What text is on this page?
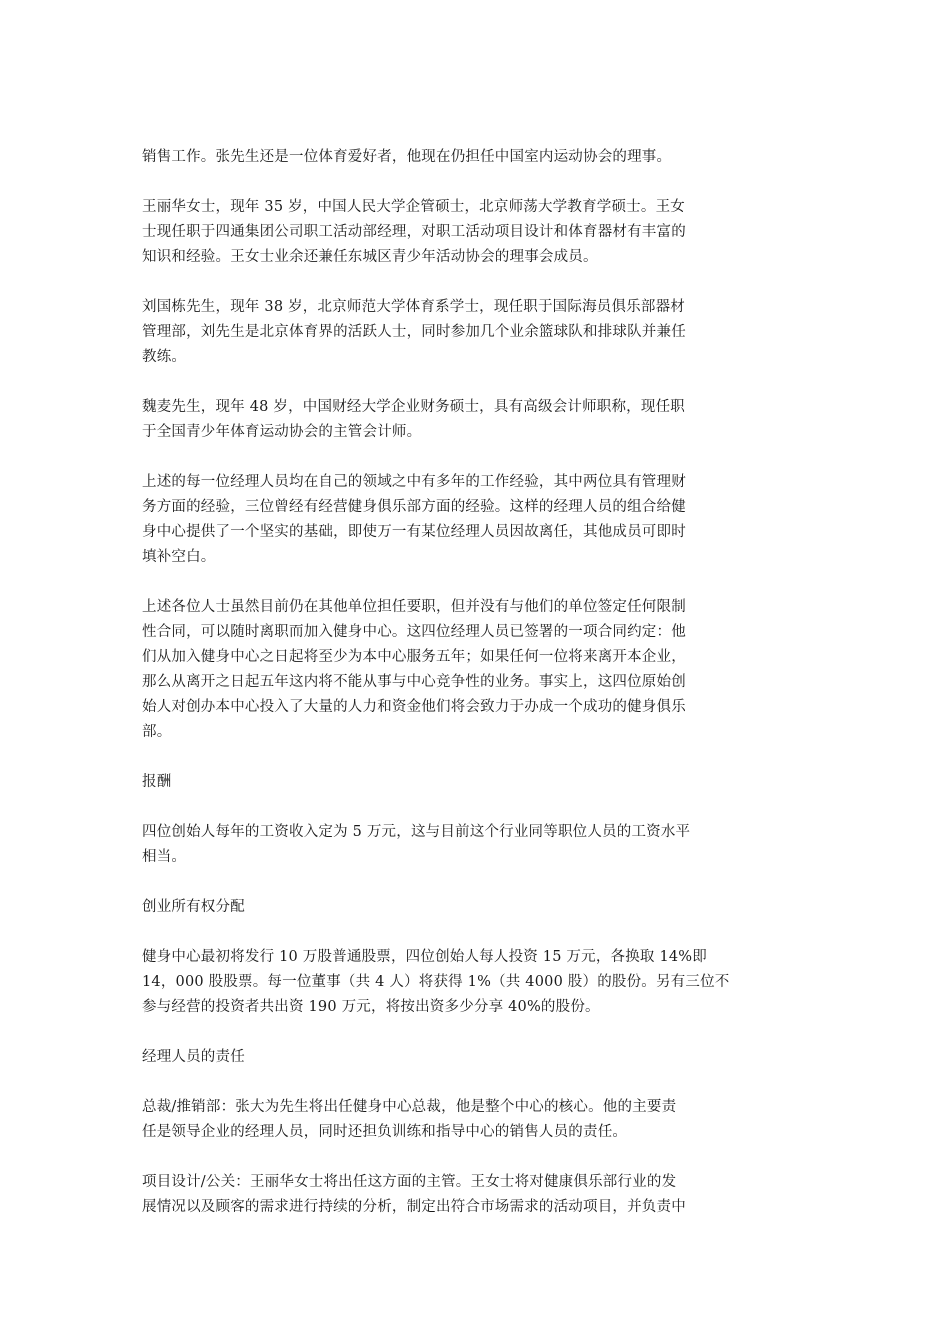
销售工作。张先生还是一位体育爱好者，他现在仍担任中国室内运动协会的理事。
王丽华女士，现年 35 岁，中国人民大学企管硕士，北京师荡大学教育学硕士。王女
士现任职于四通集团公司职工活动部经理，对职工活动项目设计和体育器材有丰富的
知识和经验。王女士业余还兼任东城区青少年活动协会的理事会成员。
刘国栋先生，现年 38 岁，北京师范大学体育系学士，现任职于国际海员俱乐部器材
管理部，刘先生是北京体育界的活跃人士，同时参加几个业余篮球队和排球队并兼任
教练。
魏麦先生，现年 48 岁，中国财经大学企业财务硕士，具有高级会计师职称，现任职
于全国青少年体育运动协会的主管会计师。
上述的每一位经理人员均在自己的领域之中有多年的工作经验，其中两位具有管理财
务方面的经验，三位曾经有经营健身俱乐部方面的经验。这样的经理人员的组合给健
身中心提供了一个坚实的基础，即使万一有某位经理人员因故离任，其他成员可即时
填补空白。
上述各位人士虽然目前仍在其他单位担任要职，但并没有与他们的单位签定任何限制
性合同，可以随时离职而加入健身中心。这四位经理人员已签署的一项合同约定：他
们从加入健身中心之日起将至少为本中心服务五年；如果任何一位将来离开本企业，
那么从离开之日起五年这内将不能从事与中心竞争性的业务。事实上，这四位原始创
始人对创办本中心投入了大量的人力和资金他们将会致力于办成一个成功的健身俱乐
部。
报酬
四位创始人每年的工资收入定为 5 万元，这与目前这个行业同等职位人员的工资水平
相当。
创业所有权分配
健身中心最初将发行 10 万股普通股票，四位创始人每人投资 15 万元，各换取 14%即
14，000 股股票。每一位董事（共 4 人）将获得 1%（共 4000 股）的股份。另有三位不
参与经营的投资者共出资 190 万元，将按出资多少分享 40%的股份。
经理人员的责任
总裁/推销部：张大为先生将出任健身中心总裁，他是整个中心的核心。他的主要责
任是领导企业的经理人员，同时还担负训练和指导中心的销售人员的责任。
项目设计/公关：王丽华女士将出任这方面的主管。王女士将对健康俱乐部行业的发
展情况以及顾客的需求进行持续的分析，制定出符合市场需求的活动项目，并负责中
